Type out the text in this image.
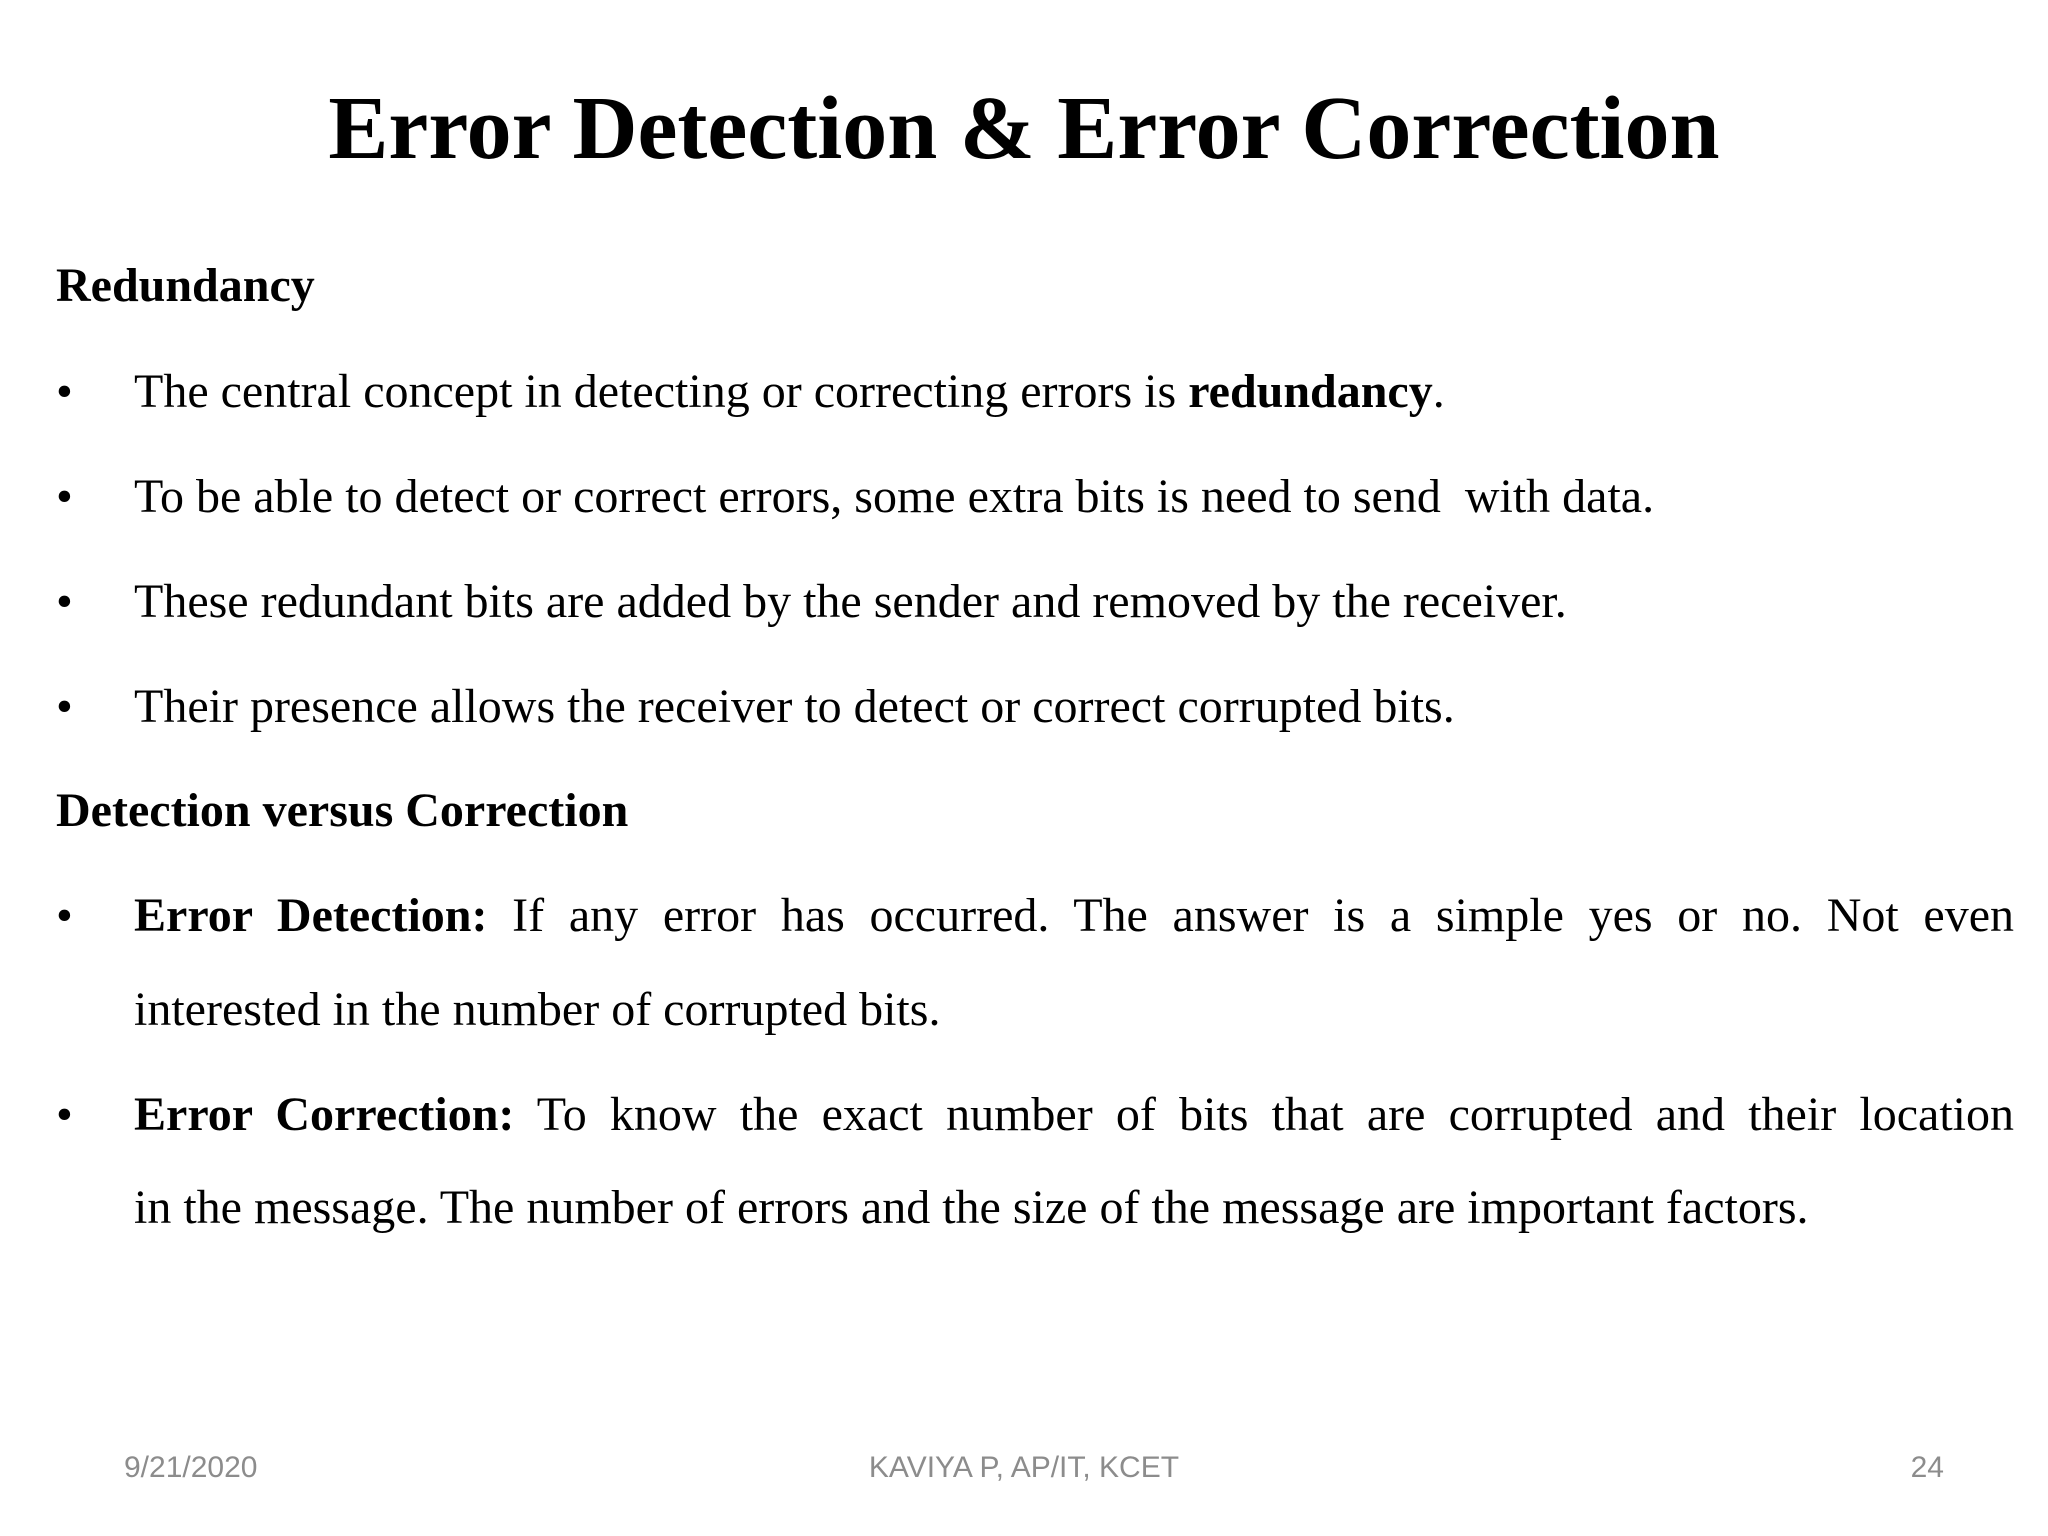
Error Detection & Error Correction
Redundancy
• The central concept in detecting or correcting errors is redundancy.
• To be able to detect or correct errors, some extra bits is need to send  with data.
• These redundant bits are added by the sender and removed by the receiver.
• Their presence allows the receiver to detect or correct corrupted bits.
Detection versus Correction
• Error Detection: If any error has occurred. The answer is a simple yes or no. Not even
interested in the number of corrupted bits.
• Error Correction: To know the exact number of bits that are corrupted and their location
in the message. The number of errors and the size of the message are important factors.
9/21/2020	KAVIYA P, AP/IT, KCET	24
